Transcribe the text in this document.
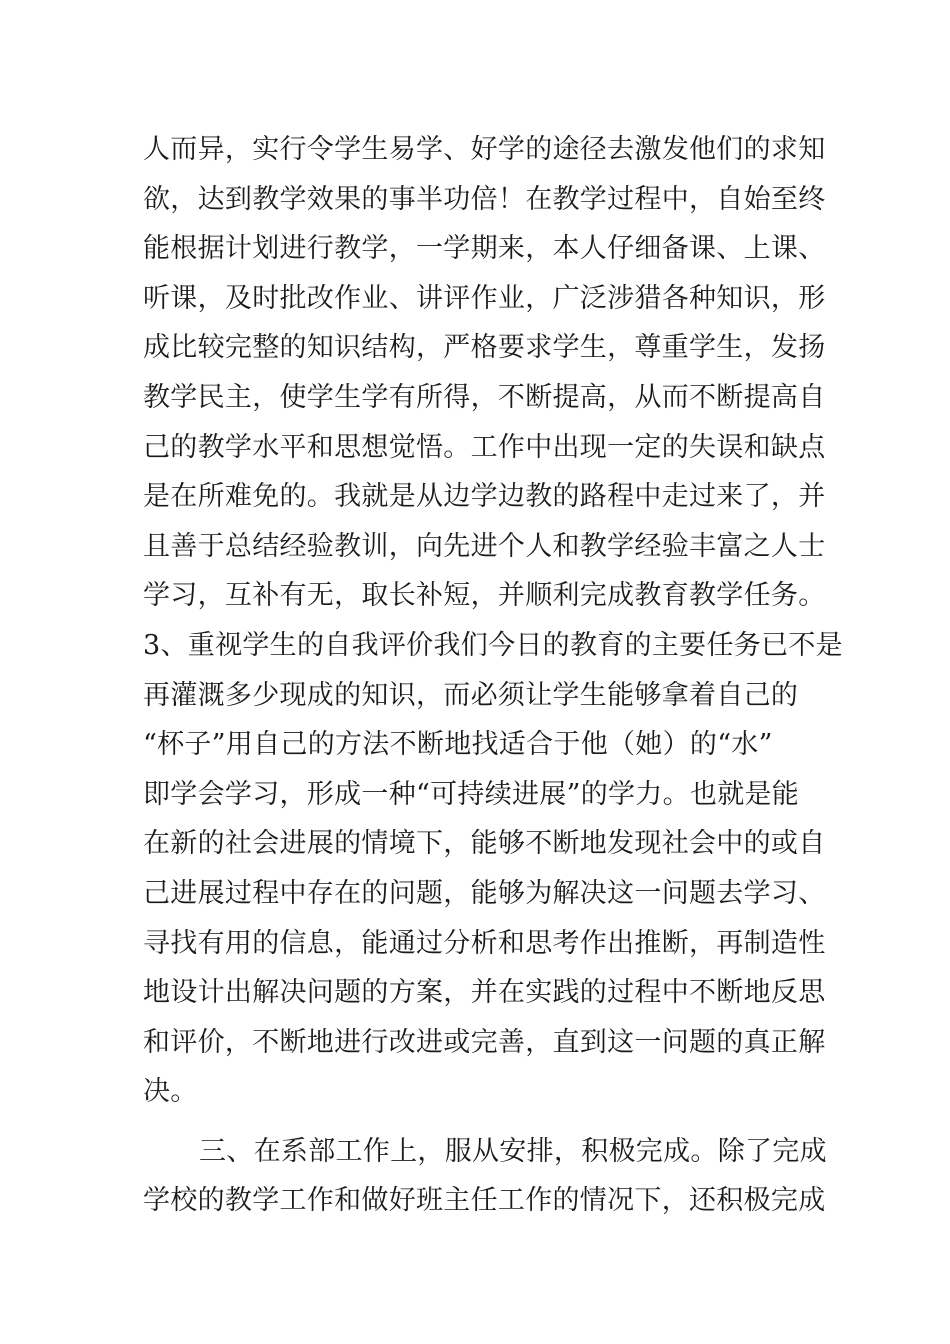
人而异，实行令学生易学、好学的途径去激发他们的求知
欲，达到教学效果的事半功倍！在教学过程中，自始至终
能根据计划进行教学，一学期来，本人仔细备课、上课、
听课，及时批改作业、讲评作业，广泛涉猎各种知识，形
成比较完整的知识结构，严格要求学生，尊重学生，发扬
教学民主，使学生学有所得，不断提高，从而不断提高自
己的教学水平和思想觉悟。工作中出现一定的失误和缺点
是在所难免的。我就是从边学边教的路程中走过来了，并
且善于总结经验教训，向先进个人和教学经验丰富之人士
学习，互补有无，取长补短，并顺利完成教育教学任务。
3、重视学生的自我评价我们今日的教育的主要任务已不是
再灌溉多少现成的知识，而必须让学生能够拿着自己的
“杯子”用自己的方法不断地找适合于他（她）的“水”
即学会学习，形成一种“可持续进展”的学力。也就是能
在新的社会进展的情境下，能够不断地发现社会中的或自
己进展过程中存在的问题，能够为解决这一问题去学习、
寻找有用的信息，能通过分析和思考作出推断，再制造性
地设计出解决问题的方案，并在实践的过程中不断地反思
和评价，不断地进行改进或完善，直到这一问题的真正解
决。
三、在系部工作上，服从安排，积极完成。除了完成
学校的教学工作和做好班主任工作的情况下，还积极完成
